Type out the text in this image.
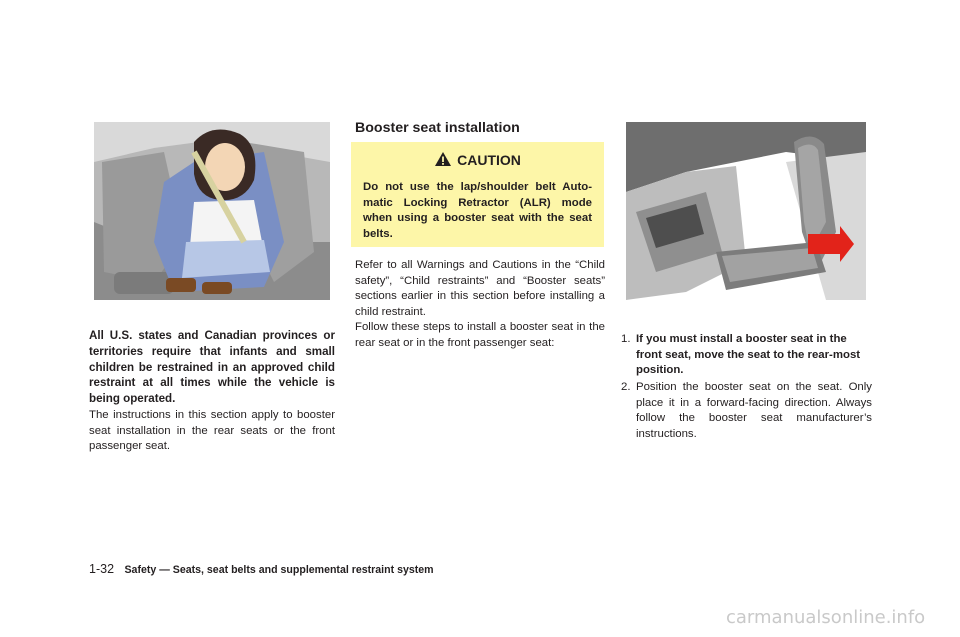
All U.S. states and Canadian provinces or territories require that infants and small children be restrained in an approved child restraint at all times while the vehicle is being operated.
The instructions in this section apply to booster seat installation in the rear seats or the front passenger seat.
Booster seat installation
CAUTION
Do not use the lap/shoulder belt Auto-matic Locking Retractor (ALR) mode when using a booster seat with the seat belts.
Refer to all Warnings and Cautions in the “Child safety”, “Child restraints” and “Booster seats” sections earlier in this section before installing a child restraint.
Follow these steps to install a booster seat in the rear seat or in the front passenger seat:	1. If you must install a booster seat in the front seat, move the seat to the rear-most position.
2. Position the booster seat on the seat. Only place it in a forward-facing direction. Always follow the booster seat manufacturer’s instructions.
1-32 Safety — Seats, seat belts and supplemental restraint system
carmanualsonline.info
